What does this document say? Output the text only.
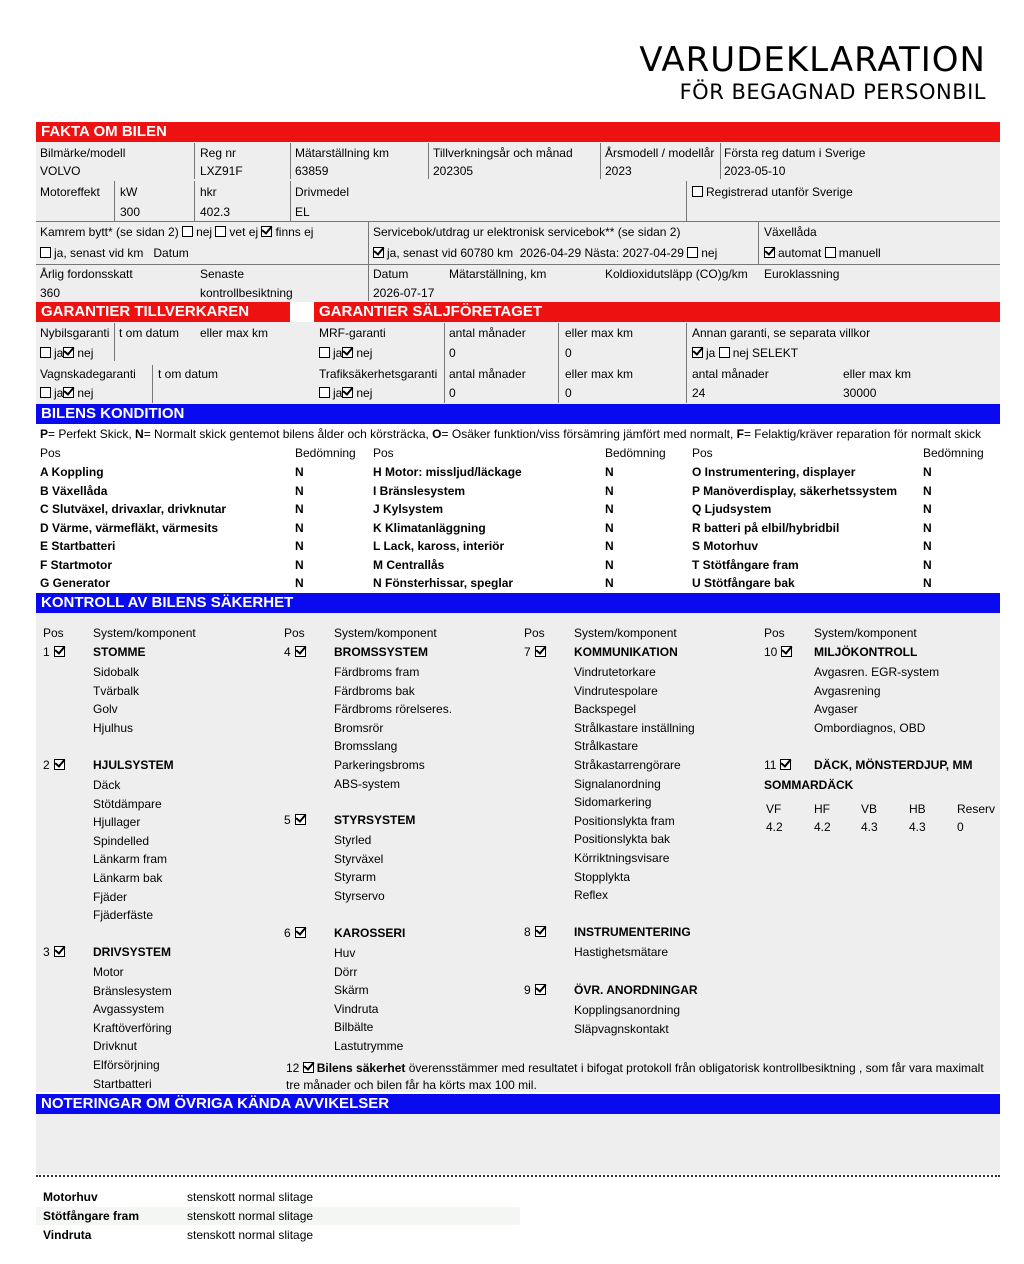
VARUDEKLARATION
FÖR BEGAGNAD PERSONBIL
FAKTA OM BILEN
Bilmärke/modell
VOLVO
Reg nr
LXZ91F
Mätarställning km
63859
Tillverkningsår och månad
202305
Årsmodell / modellår
2023
Första reg datum i Sverige
2023-05-10
Motoreffekt kW
300
hkr
402.3
Drivmedel
EL
Registrerad utanför Sverige
Kamrem bytt* (se sidan 2) nej vet ej finns ej
ja, senast vid km Datum
Servicebok/utdrag ur elektronisk servicebok** (se sidan 2)
ja, senast vid 60780 km 2026-04-29 Nästa: 2027-04-29 nej
Växellåda
automat manuell
Årlig fordonsskatt
360
Senaste
kontrollbesiktning
Datum
2026-07-17
Mätarställning, km	Koldioxidutsläpp (CO)g/km Euroklassning
GARANTIER TILLVERKAREN	GARANTIER SÄLJFÖRETAGET
Nybilsgaranti t om datum eller max km
ja nej
Vagnskadegaranti t om datum
ja nej
MRF-garanti	antal månader	eller max km
ja nej	0	0
Trafiksäkerhetsgaranti antal månader	eller max km
ja nej	0	0
Annan garanti, se separata villkor
ja nej SELEKT
antal månader	eller max km
24	30000
BILENS KONDITION
P= Perfekt Skick, N= Normalt skick gentemot bilens ålder och körsträcka, O= Osäker funktion/viss försämring jämfört med normalt, F= Felaktig/kräver reparation för normalt skick
Pos	Bedömning Pos	Bedömning Pos	Bedömning
A Koppling	N
B Växellåda	N
C Slutväxel, drivaxlar, drivknutar	N
D Värme, värmefläkt, värmesits	N
E Startbatteri	N
F Startmotor	N
G Generator	N
H Motor: missljud/läckage	N
I Bränslesystem	N
J Kylsystem	N
K Klimatanläggning	N
L Lack, kaross, interiör	N
M Centrallås	N
N Fönsterhissar, speglar	N
O Instrumentering, displayer	N
P Manöverdisplay, säkerhetssystem N
Q Ljudsystem	N
R batteri på elbil/hybridbil	N
S Motorhuv	N
T Stötfångare fram	N
U Stötfångare bak	N
KONTROLL AV BILENS SÄKERHET
Pos System/komponent	Pos System/komponent	Pos System/komponent	Pos System/komponent
1	STOMME
Sidobalk
Tvärbalk
Golv
Hjulhus
2	HJULSYSTEM
Däck
Stötdämpare
Hjullager
Spindelled
Länkarm fram
Länkarm bak
Fjäder
Fjäderfäste
3	DRIVSYSTEM
Motor
Bränslesystem
Avgassystem
Kraftöverföring
Drivknut
Elförsörjning
Startbatteri
4	BROMSSYSTEM
Färdbroms fram
Färdbroms bak
Färdbroms rörelseres.
Bromsrör
Bromsslang
Parkeringsbroms
ABS-system
5	STYRSYSTEM
Styrled
Styrväxel
Styrarm
Styrservo
6	KAROSSERI
Huv
Dörr
Skärm
Vindruta
Bilbälte
Lastutrymme
7	KOMMUNIKATION
Vindrutetorkare
Vindrutespolare
Backspegel
Strålkastare inställning
Strålkastare
Stråkastarrengörare
Signalanordning
Sidomarkering
Positionslykta fram
Positionslykta bak
Körriktningsvisare
Stopplykta
Reflex
8	INSTRUMENTERING
Hastighetsmätare
9	ÖVR. ANORDNINGAR
Kopplingsanordning
Släpvagnskontakt
10	MILJÖKONTROLL
Avgasren. EGR-system
Avgasrening
Avgaser
Ombordiagnos, OBD
11	DÄCK, MÖNSTERDJUP, MM
SOMMARDÄCK
VF
4.2
HF
4.2
VB
4.3
HB
4.3
Reserv
0
12 Bilens säkerhet överensstämmer med resultatet i bifogat protokoll från obligatorisk kontrollbesiktning , som får vara maximalt
tre månader och bilen får ha körts max 100 mil.
NOTERINGAR OM ÖVRIGA KÄNDA AVVIKELSER
Motorhuv	stenskott normal slitage
Stötfångare fram	stenskott normal slitage
Vindruta	stenskott normal slitage
